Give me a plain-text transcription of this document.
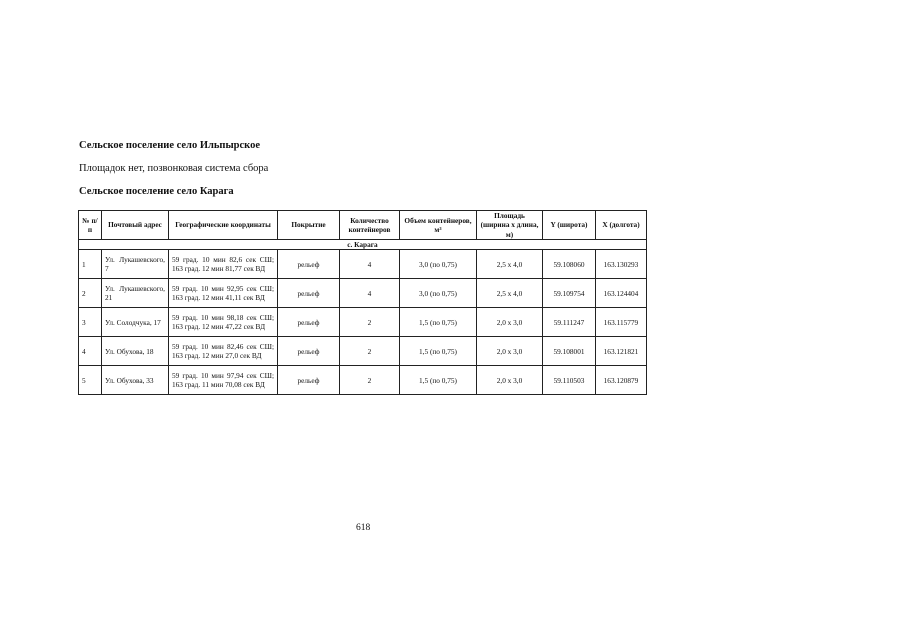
Сельское поселение село Ильпырское
Площадок нет, позвонковая система сбора
Сельское поселение село Карага
№ п/п	Почтовый адрес	Географические координаты	Покрытие	Количество контейнеров	Объем контейнеров, м³	Площадь (ширина х длина, м)	Y (широта)	X (долгота)
с. Карага								
1	Ул. Лукашевского, 7	59 град. 10 мин 82,6 сек СШ; 163 град. 12 мин 81,77 сек ВД	рельеф	4	3,0 (по 0,75)	2,5 х 4,0	59.108060	163.130293
2	Ул. Лукашевского, 21	59 град. 10 мин 92,95 сек СШ; 163 град. 12 мин 41,11 сек ВД	рельеф	4	3,0 (по 0,75)	2,5 х 4,0	59.109754	163.124404
3	Ул. Солодчука, 17	59 град. 10 мин 98,18 сек СШ; 163 град. 12 мин 47,22 сек ВД	рельеф	2	1,5 (по 0,75)	2,0 х 3,0	59.111247	163.115779
4	Ул. Обухова, 18	59 град. 10 мин 82,46 сек СШ; 163 град. 12 мин 27,0 сек ВД	рельеф	2	1,5 (по 0,75)	2,0 х 3,0	59.108001	163.121821
5	Ул. Обухова, 33	59 град. 10 мин 97,94 сек СШ; 163 град. 11 мин 70,08 сек ВД	рельеф	2	1,5 (по 0,75)	2,0 х 3,0	59.110503	163.120879
618
